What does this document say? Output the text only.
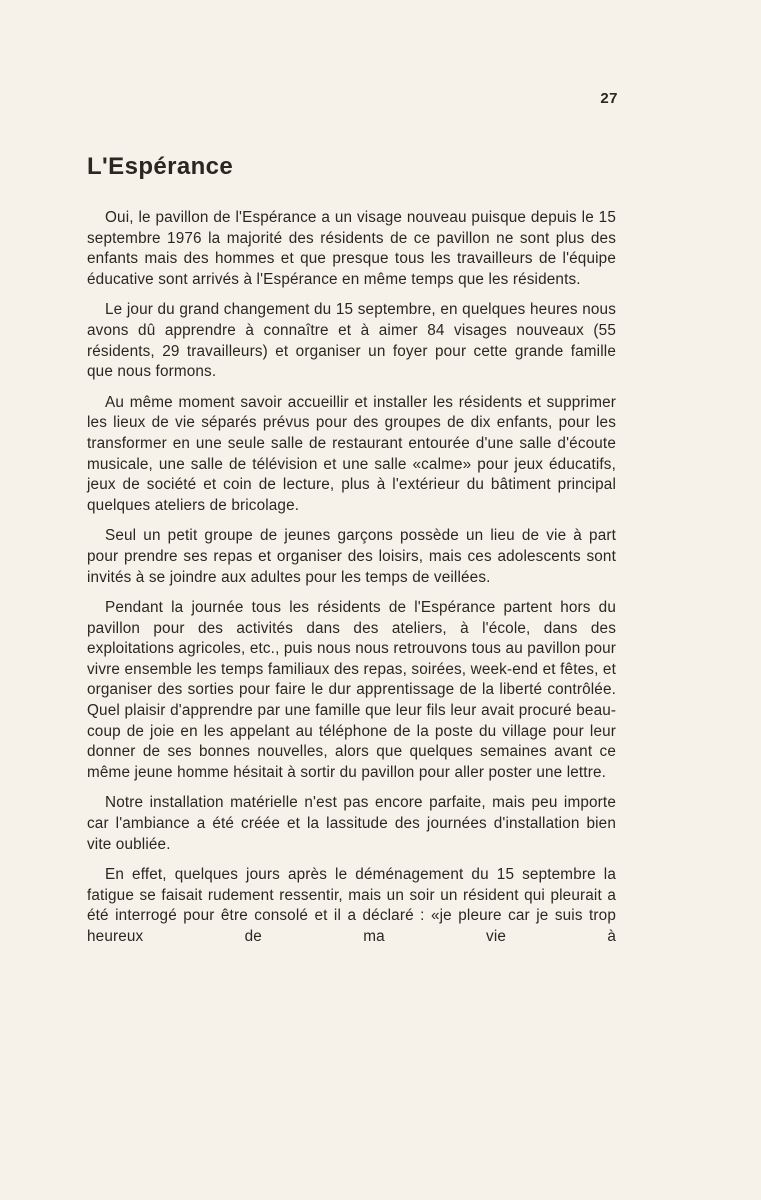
27
L'Espérance

Oui, le pavillon de l'Espérance a un visage nouveau puisque depuis le 15 septembre 1976 la majorité des résidents de ce pavillon ne sont plus des enfants mais des hommes et que presque tous les travailleurs de l'équipe éducative sont arrivés à l'Espérance en même temps que les résidents.

Le jour du grand changement du 15 septembre, en quelques heures nous avons dû apprendre à connaître et à aimer 84 visages nouveaux (55 résidents, 29 travailleurs) et organiser un foyer pour cette grande famille que nous formons.

Au même moment savoir accueillir et installer les résidents et supprimer les lieux de vie séparés prévus pour des groupes de dix enfants, pour les transformer en une seule salle de restaurant entourée d'une salle d'écoute musicale, une salle de télévision et une salle «calme» pour jeux éducatifs, jeux de société et coin de lecture, plus à l'extérieur du bâtiment principal quelques ateliers de bricolage.

Seul un petit groupe de jeunes garçons possède un lieu de vie à part pour prendre ses repas et organiser des loisirs, mais ces adolescents sont invités à se joindre aux adultes pour les temps de veillées.

Pendant la journée tous les résidents de l'Espérance partent hors du pavillon pour des activités dans des ateliers, à l'école, dans des exploitations agricoles, etc., puis nous nous retrouvons tous au pavillon pour vivre ensemble les temps familiaux des repas, soirées, week-end et fêtes, et organiser des sorties pour faire le dur apprentissage de la liberté contrôlée. Quel plaisir d'apprendre par une famille que leur fils leur avait procuré beaucoup de joie en les appelant au téléphone de la poste du village pour leur donner de ses bonnes nouvelles, alors que quelques semaines avant ce même jeune homme hésitait à sortir du pavillon pour aller poster une lettre.

Notre installation matérielle n'est pas encore parfaite, mais peu importe car l'ambiance a été créée et la lassitude des journées d'installation bien vite oubliée.

En effet, quelques jours après le déménagement du 15 septembre la fatigue se faisait rudement ressentir, mais un soir un résident qui pleurait a été interrogé pour être consolé et il a déclaré : «je pleure car je suis trop heureux de ma vie à
